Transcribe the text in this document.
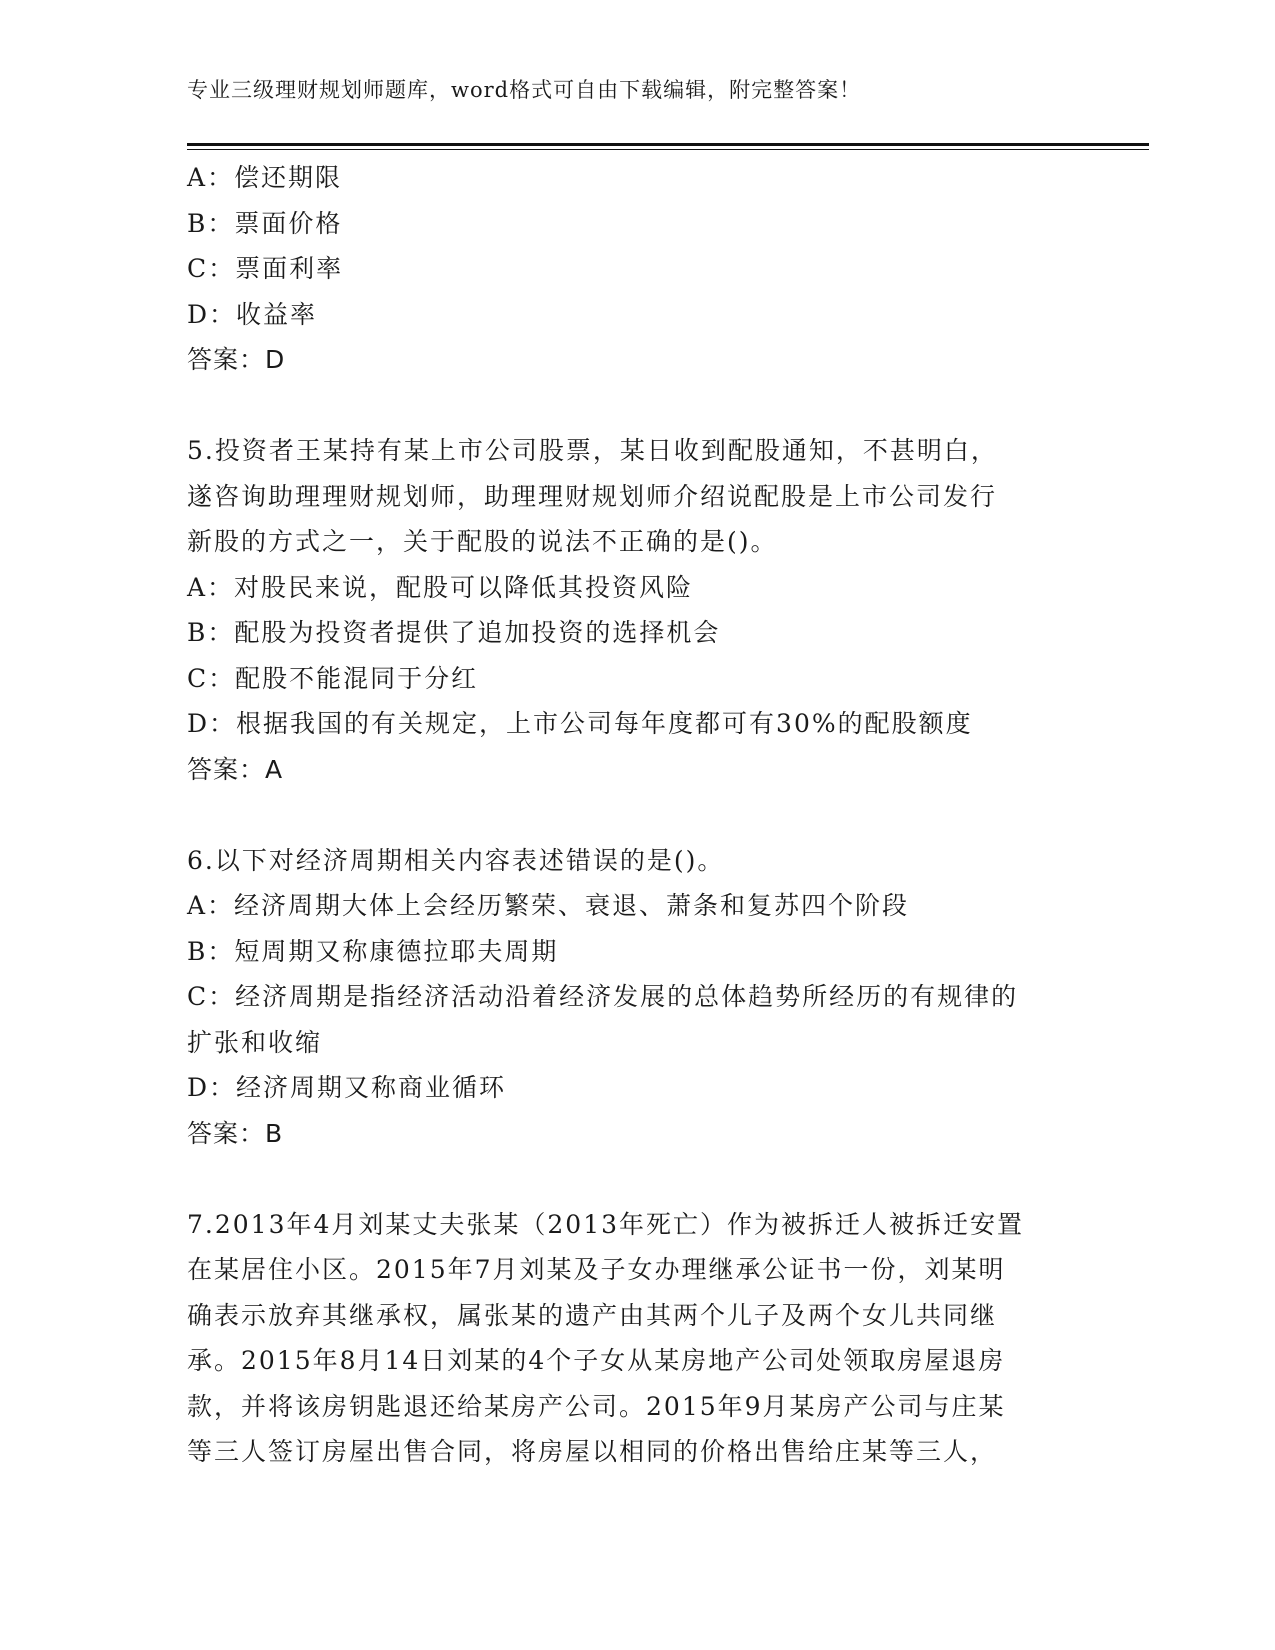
专业三级理财规划师题库，word格式可自由下载编辑，附完整答案！
A：偿还期限
B：票面价格
C：票面利率
D：收益率
答案：D
5.投资者王某持有某上市公司股票，某日收到配股通知，不甚明白，
遂咨询助理理财规划师，助理理财规划师介绍说配股是上市公司发行
新股的方式之一，关于配股的说法不正确的是()。
A：对股民来说，配股可以降低其投资风险
B：配股为投资者提供了追加投资的选择机会
C：配股不能混同于分红
D：根据我国的有关规定，上市公司每年度都可有30%的配股额度
答案：A
6.以下对经济周期相关内容表述错误的是()。
A：经济周期大体上会经历繁荣、衰退、萧条和复苏四个阶段
B：短周期又称康德拉耶夫周期
C：经济周期是指经济活动沿着经济发展的总体趋势所经历的有规律的
扩张和收缩
D：经济周期又称商业循环
答案：B
7.2013年4月刘某丈夫张某（2013年死亡）作为被拆迁人被拆迁安置
在某居住小区。2015年7月刘某及子女办理继承公证书一份，刘某明
确表示放弃其继承权，属张某的遗产由其两个儿子及两个女儿共同继
承。2015年8月14日刘某的4个子女从某房地产公司处领取房屋退房
款，并将该房钥匙退还给某房产公司。2015年9月某房产公司与庄某
等三人签订房屋出售合同，将房屋以相同的价格出售给庄某等三人，
